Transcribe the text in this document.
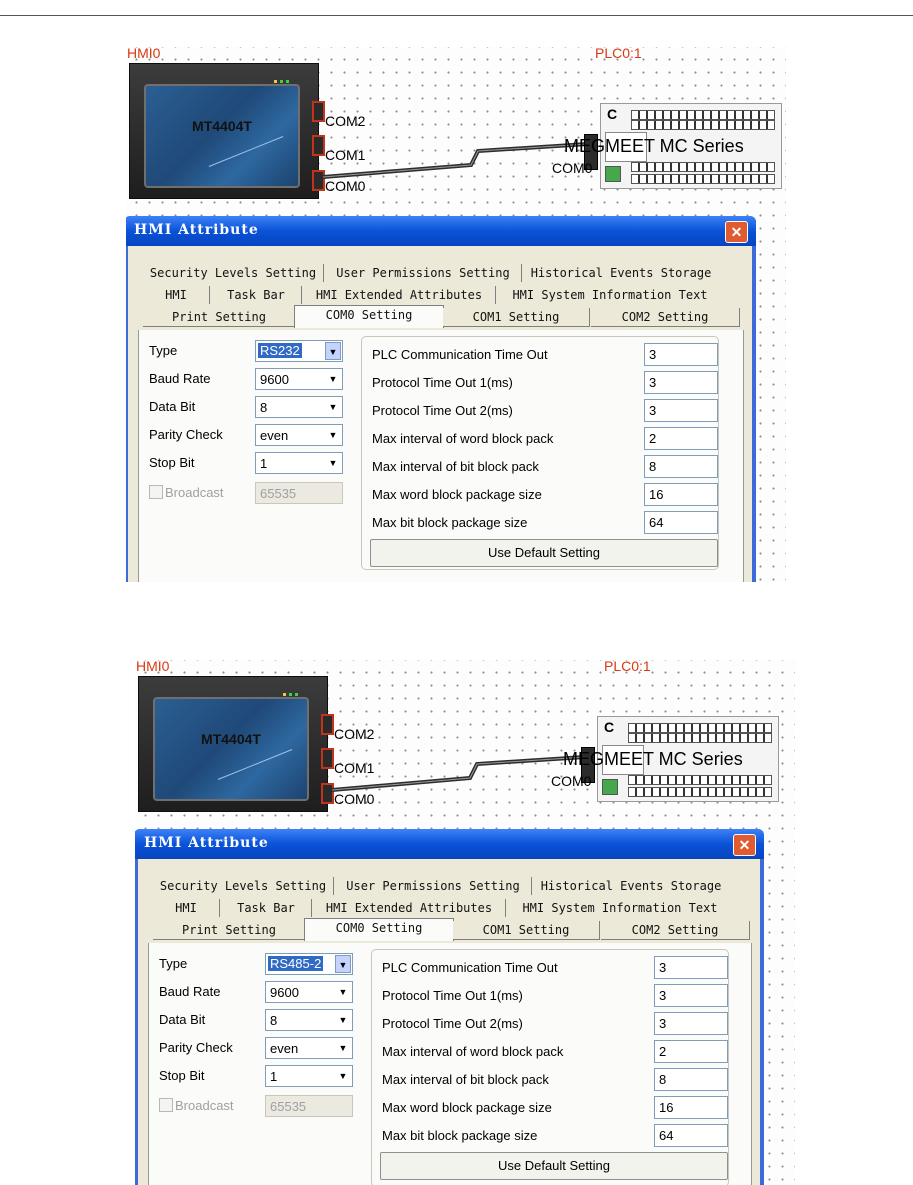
HMI0	PLC0:1
MT4404T	COM2
COM1
COM0
C
MEGMEET MC Series
COM0
HMI Attribute	✕
Security Levels Setting	User Permissions Setting	Historical Events Storage
HMI	Task Bar	HMI Extended Attributes	HMI System Information Text
Print Setting	COM0 Setting	COM1 Setting	COM2 Setting
Type	RS232	▼
Baud Rate	9600	▼
Data Bit	8	▼
Parity Check	even	▼
Stop Bit	1	▼
Broadcast	65535
PLC Communication Time Out	3
Protocol Time Out 1(ms)	3
Protocol Time Out 2(ms)	3
Max interval of word block pack	2
Max interval of bit block pack	8
Max word block package size	16
Max bit block package size	64
Use Default Setting
HMI0	PLC0:1
MT4404T	COM2
COM1
COM0
C
MEGMEET MC Series
COM0
HMI Attribute	✕
Security Levels Setting	User Permissions Setting	Historical Events Storage
HMI	Task Bar	HMI Extended Attributes	HMI System Information Text
Print Setting	COM0 Setting	COM1 Setting	COM2 Setting
Type	RS485-2	▼
Baud Rate	9600	▼
Data Bit	8	▼
Parity Check	even	▼
Stop Bit	1	▼
Broadcast	65535
PLC Communication Time Out	3
Protocol Time Out 1(ms)	3
Protocol Time Out 2(ms)	3
Max interval of word block pack	2
Max interval of bit block pack	8
Max word block package size	16
Max bit block package size	64
Use Default Setting
